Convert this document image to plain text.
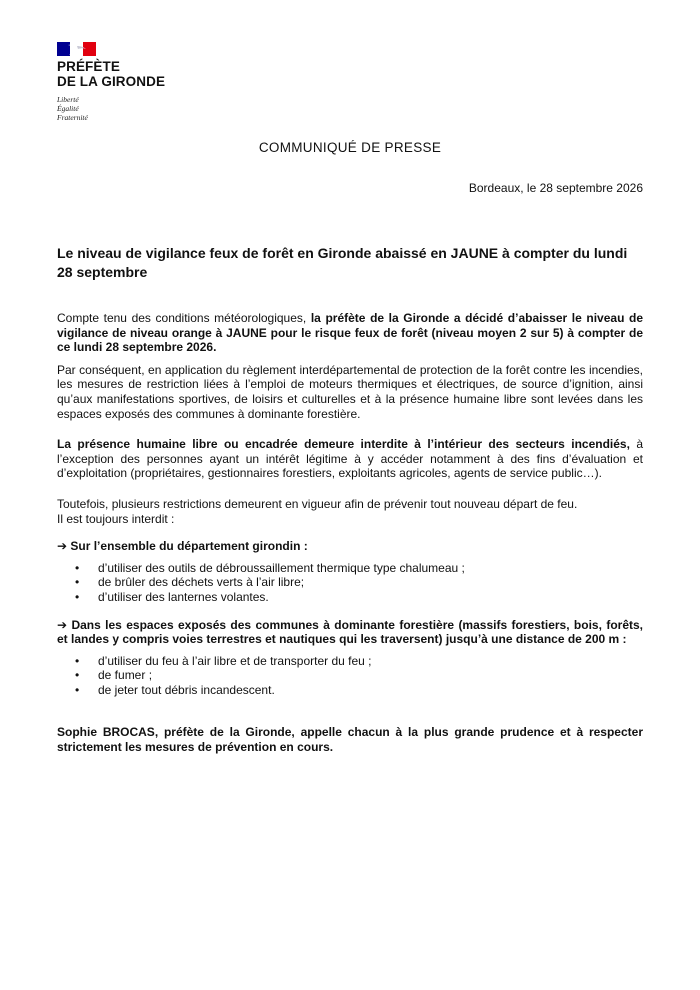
PRÉFÈTE
DE LA GIRONDE
Liberté
Égalité
Fraternité
COMMUNIQUÉ DE PRESSE
Bordeaux, le 28 septembre 2026
Le niveau de vigilance feux de forêt en Gironde abaissé en JAUNE à compter du lundi 28 septembre

Compte tenu des conditions météorologiques, la préfète de la Gironde a décidé d’abaisser le niveau de vigilance de niveau orange à JAUNE pour le risque feux de forêt (niveau moyen 2 sur 5) à compter de ce lundi 28 septembre 2026.

Par conséquent, en application du règlement interdépartemental de protection de la forêt contre les incendies, les mesures de restriction liées à l’emploi de moteurs thermiques et électriques, de source d’ignition, ainsi qu’aux manifestations sportives, de loisirs et culturelles et à la présence humaine libre sont levées dans les espaces exposés des communes à dominante forestière.

La présence humaine libre ou encadrée demeure interdite à l’intérieur des secteurs incendiés, à l’exception des personnes ayant un intérêt légitime à y accéder notamment à des fins d’évaluation et d’exploitation (propriétaires, gestionnaires forestiers, exploitants agricoles, agents de service public…).

Toutefois, plusieurs restrictions demeurent en vigueur afin de prévenir tout nouveau départ de feu.
Il est toujours interdit :

➔ Sur l’ensemble du département girondin :

• d’utiliser des outils de débroussaillement thermique type chalumeau ;
• de brûler des déchets verts à l’air libre;
• d’utiliser des lanternes volantes.

➔ Dans les espaces exposés des communes à dominante forestière (massifs forestiers, bois, forêts, et landes y compris voies terrestres et nautiques qui les traversent) jusqu’à une distance de 200 m :

• d’utiliser du feu à l’air libre et de transporter du feu ;
• de fumer ;
• de jeter tout débris incandescent.

Sophie BROCAS, préfète de la Gironde, appelle chacun à la plus grande prudence et à respecter strictement les mesures de prévention en cours.
